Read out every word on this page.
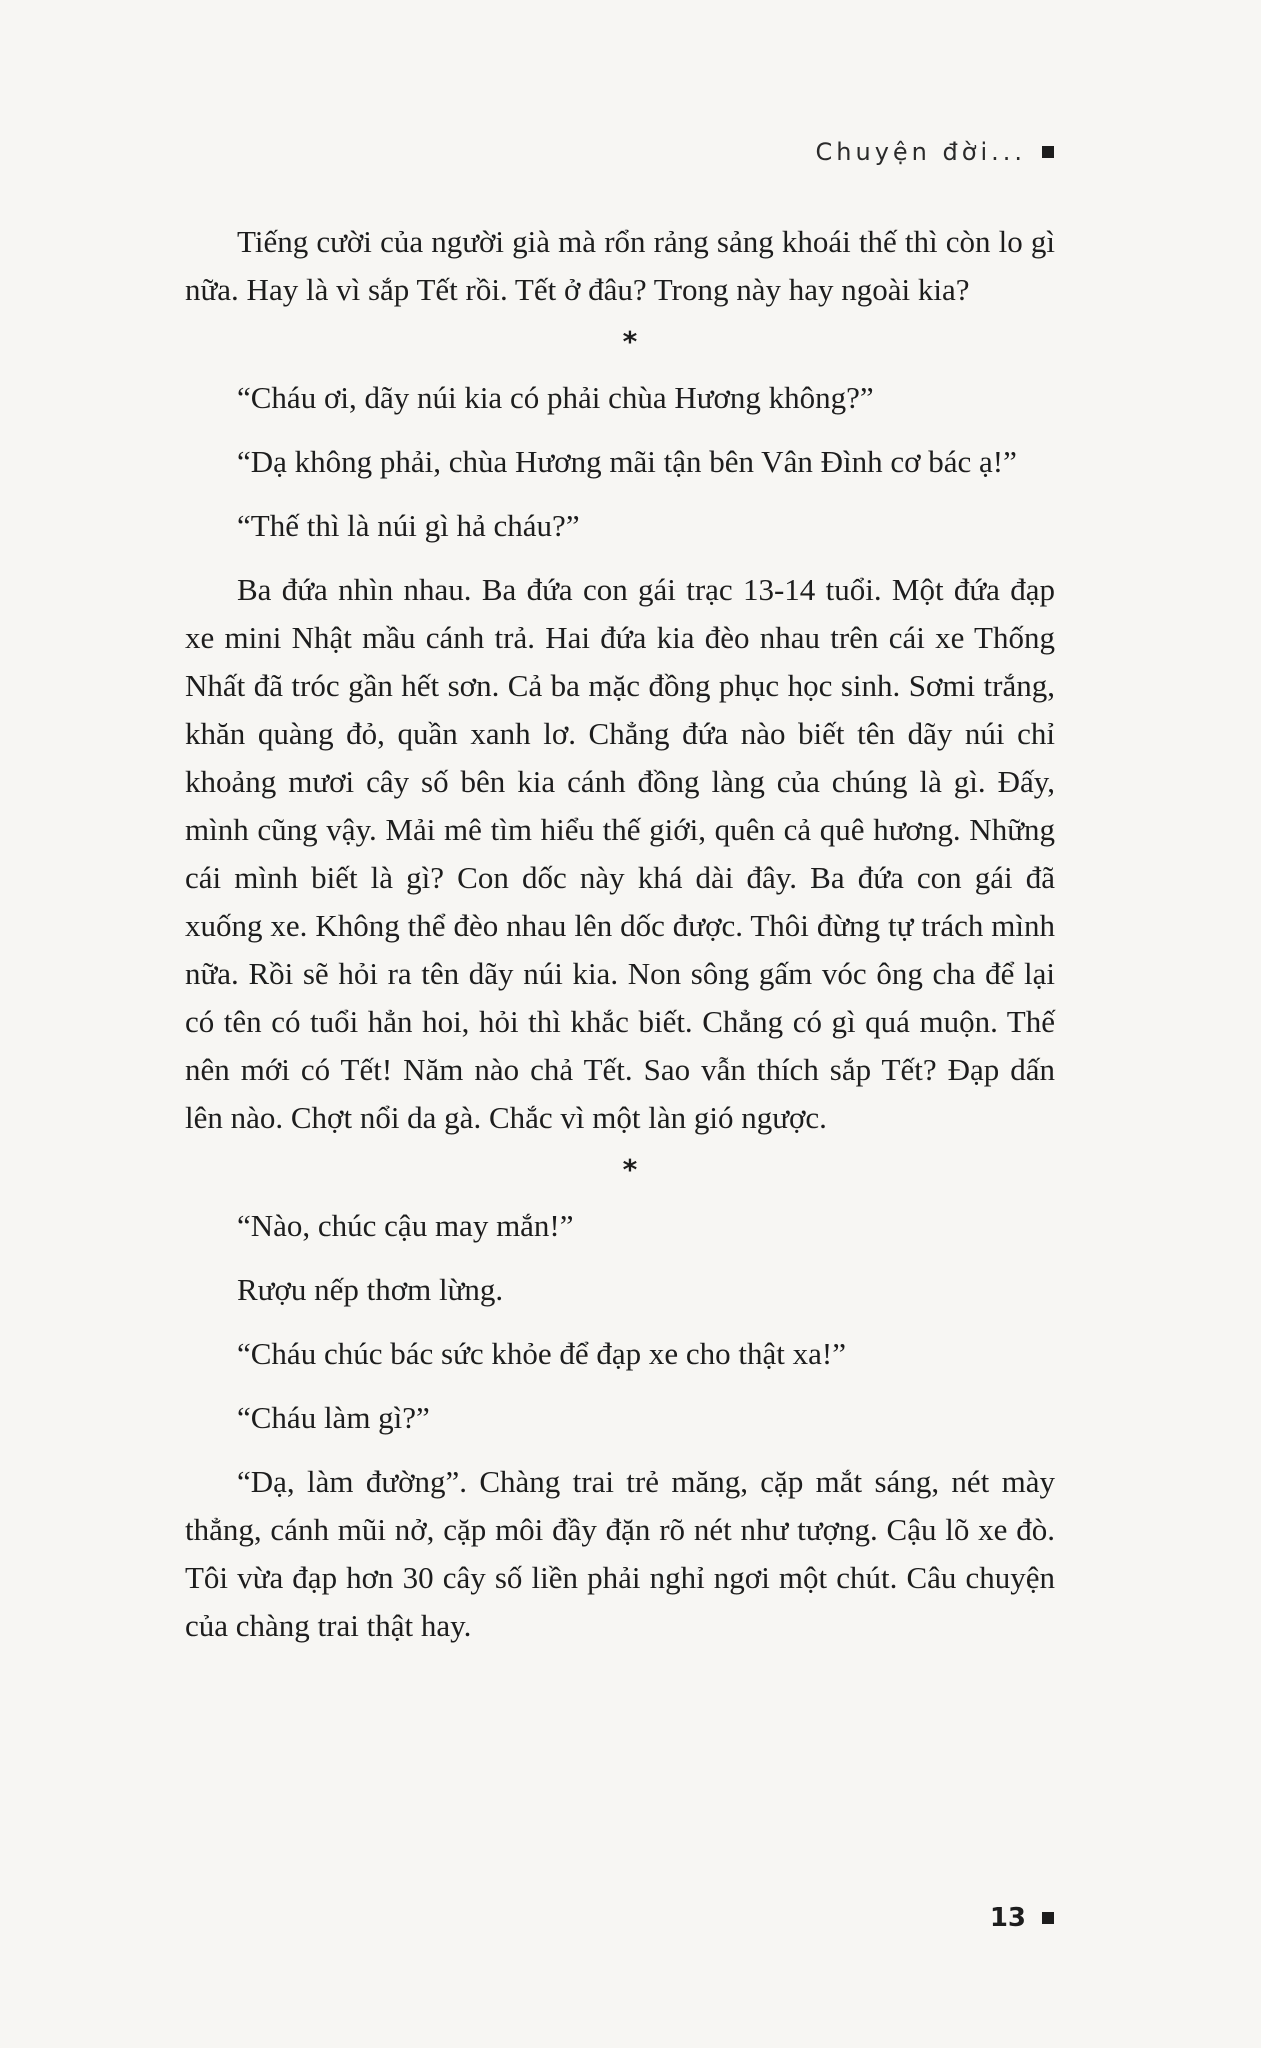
Chuyện đời...

Tiếng cười của người già mà rổn rảng sảng khoái thế thì còn lo gì nữa. Hay là vì sắp Tết rồi. Tết ở đâu? Trong này hay ngoài kia?

*

“Cháu ơi, dãy núi kia có phải chùa Hương không?”

“Dạ không phải, chùa Hương mãi tận bên Vân Đình cơ bác ạ!”

“Thế thì là núi gì hả cháu?”

Ba đứa nhìn nhau. Ba đứa con gái trạc 13-14 tuổi. Một đứa đạp xe mini Nhật mầu cánh trả. Hai đứa kia đèo nhau trên cái xe Thống Nhất đã tróc gần hết sơn. Cả ba mặc đồng phục học sinh. Sơmi trắng, khăn quàng đỏ, quần xanh lơ. Chẳng đứa nào biết tên dãy núi chỉ khoảng mươi cây số bên kia cánh đồng làng của chúng là gì. Đấy, mình cũng vậy. Mải mê tìm hiểu thế giới, quên cả quê hương. Những cái mình biết là gì? Con dốc này khá dài đây. Ba đứa con gái đã xuống xe. Không thể đèo nhau lên dốc được. Thôi đừng tự trách mình nữa. Rồi sẽ hỏi ra tên dãy núi kia. Non sông gấm vóc ông cha để lại có tên có tuổi hẳn hoi, hỏi thì khắc biết. Chẳng có gì quá muộn. Thế nên mới có Tết! Năm nào chả Tết. Sao vẫn thích sắp Tết? Đạp dấn lên nào. Chợt nổi da gà. Chắc vì một làn gió ngược.

*

“Nào, chúc cậu may mắn!”

Rượu nếp thơm lừng.

“Cháu chúc bác sức khỏe để đạp xe cho thật xa!”

“Cháu làm gì?”

“Dạ, làm đường”. Chàng trai trẻ măng, cặp mắt sáng, nét mày thẳng, cánh mũi nở, cặp môi đầy đặn rõ nét như tượng. Cậu lõ xe đò. Tôi vừa đạp hơn 30 cây số liền phải nghỉ ngơi một chút. Câu chuyện của chàng trai thật hay.

13
